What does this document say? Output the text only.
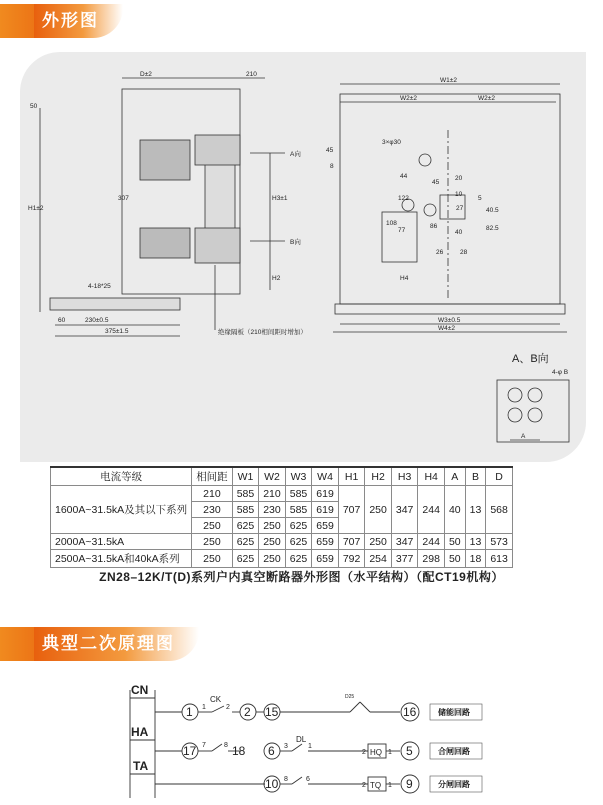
外形图
D±2	210
50
H1±2
307	H3±1
H2
A向
B向
4-18*25
60	230±0.5
375±1.5	绝缘隔板（210相间距时增加）
W1±2
W2±2	W2±2
45
8
3×φ30
44
45
122
108
77
86
20
10
27
40
5
82.5
40.5
26	28
H4
W3±0.5
W4±2
A、B向
4-φ B
A
电流等级	相间距	W1	W2	W3	W4	H1	H2	H3	H4	A	B	D
1600A~31.5kA及其以下系列	210	585	210	585	619	707	250	347	244	40	13	568
	230	585	230	585	619							
	250	625	250	625	659							
2000A~31.5kA	250	625	250	625	659	707	250	347	244	50	13	573
2500A~31.5kA和40kA系列	250	625	250	625	659	792	254	377	298	50	18	613
ZN28–12K/T(D)系列户内真空断路器外形图（水平结构）（配CT19机构）
典型二次原理图
CN
HA
TA
CK
DL
D25
HQ
TQ
1	2 15	16
17	18 6	5
10	9
1	2
7	8	3	1
8	6
2	1
2	1
储能回路
合闸回路
分闸回路
